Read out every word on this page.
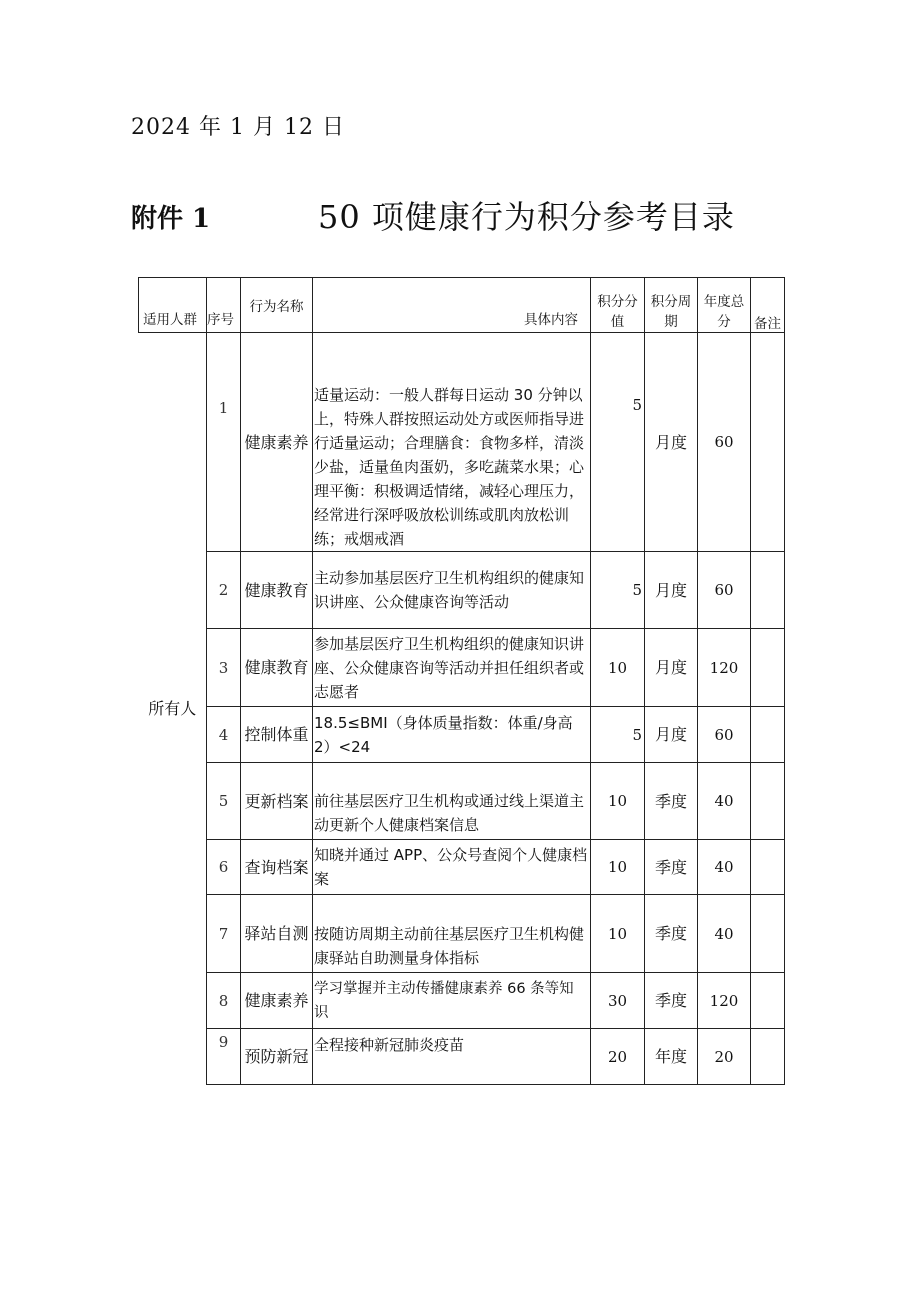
2024 年 1 月 12 日
附件 1	50 项健康行为积分参考目录
适用人群	序号	行为名称	具体内容	积分分值	积分周期	年度总分	备注
所有人	1	健康素养	适量运动：一般人群每日运动 30 分钟以上，特殊人群按照运动处方或医师指导进行适量运动；合理膳食：食物多样，清淡少盐，适量鱼肉蛋奶，多吃蔬菜水果；心理平衡：积极调适情绪，减轻心理压力，经常进行深呼吸放松训练或肌肉放松训练；戒烟戒酒	5	月度	60	
	2	健康教育	主动参加基层医疗卫生机构组织的健康知识讲座、公众健康咨询等活动	5	月度	60	
	3	健康教育	参加基层医疗卫生机构组织的健康知识讲座、公众健康咨询等活动并担任组织者或志愿者	10	月度	120	
	4	控制体重	18.5≤BMI（身体质量指数：体重/身高 2）<24	5	月度	60	
	5	更新档案	前往基层医疗卫生机构或通过线上渠道主动更新个人健康档案信息	10	季度	40	
	6	查询档案	知晓并通过 APP、公众号查阅个人健康档案	10	季度	40	
	7	驿站自测	按随访周期主动前往基层医疗卫生机构健康驿站自助测量身体指标	10	季度	40	
	8	健康素养	学习掌握并主动传播健康素养 66 条等知识	30	季度	120	
	9	预防新冠	全程接种新冠肺炎疫苗	20	年度	20	
